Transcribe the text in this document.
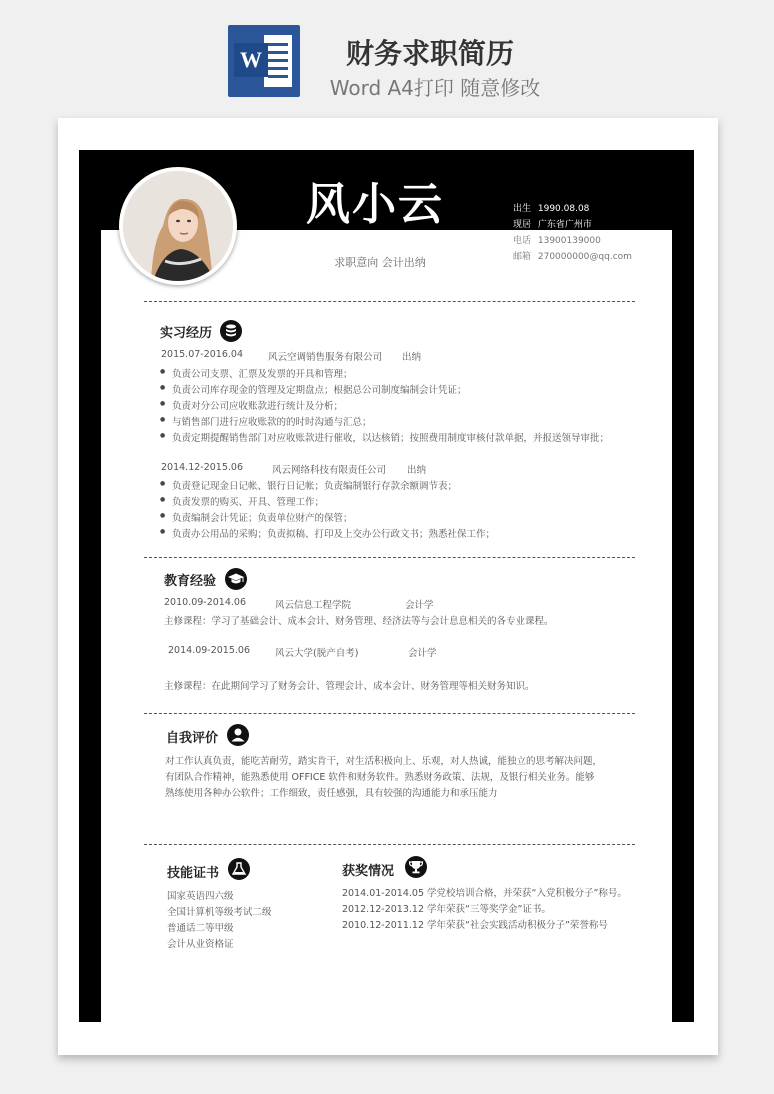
W	财务求职简历
Word A4打印 随意修改
风小云
求职意向 会计出纳
出生 1990.08.08
现居 广东省广州市
电话 13900139000
邮箱 270000000@qq.com
实习经历
2015.07-2016.04	风云空调销售服务有限公司 出纳
● 负责公司支票、汇票及发票的开具和管理；
● 负责公司库存现金的管理及定期盘点；根据总公司制度编制会计凭证；
● 负责对分公司应收账款进行统计及分析；
● 与销售部门进行应收账款的的时时沟通与汇总；
● 负责定期提醒销售部门对应收账款进行催收，以达核销；按照费用制度审核付款单据，并报送领导审批；
2014.12-2015.06	风云网络科技有限责任公司 出纳
● 负责登记现金日记帐、银行日记帐；负责编制银行存款余额调节表；
● 负责发票的购买、开具、管理工作；
● 负责编制会计凭证；负责单位财产的保管；
● 负责办公用品的采购；负责拟稿、打印及上交办公行政文书；熟悉社保工作；
教育经验
2010.09-2014.06	风云信息工程学院	会计学
主修课程：学习了基础会计、成本会计、财务管理、经济法等与会计息息相关的各专业课程。
2014.09-2015.06	风云大学(脱产自考)	会计学
主修课程：在此期间学习了财务会计、管理会计、成本会计、财务管理等相关财务知识。
自我评价
对工作认真负责，能吃苦耐劳，踏实肯干，对生活积极向上、乐观，对人热诚，能独立的思考解决问题，
有团队合作精神，能熟悉使用 OFFICE 软件和财务软件。熟悉财务政策、法规，及银行相关业务。能够
熟练使用各种办公软件；工作细致，责任感强，具有较强的沟通能力和承压能力
技能证书
国家英语四六级
全国计算机等级考试二级
普通话二等甲级
会计从业资格证
获奖情况
2014.01-2014.05 学党校培训合格，并荣获“入党积极分子”称号。
2012.12-2013.12 学年荣获“三等奖学金”证书。
2010.12-2011.12 学年荣获“社会实践活动积极分子”荣誉称号
